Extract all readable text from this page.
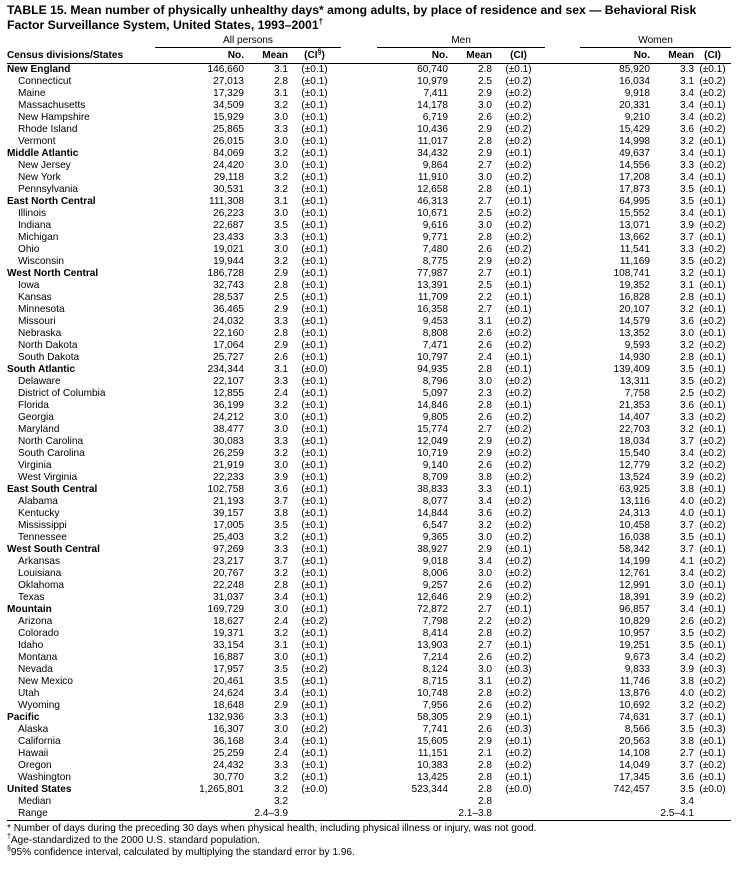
TABLE 15. Mean number of physically unhealthy days* among adults, by place of residence and sex — Behavioral Risk Factor Surveillance System, United States, 1993–2001†

	All persons				Men				Women		

Census divisions/States	No.	Mean	(CI§)		No.	Mean	(CI)		No.	Mean	(CI)
New England	146,660	3.1	(±0.1)		60,740	2.8	(±0.1)		85,920	3.3	(±0.1)
Connecticut	27,013	2.8	(±0.1)		10,979	2.5	(±0.2)		16,034	3.1	(±0.2)
Maine	17,329	3.1	(±0.1)		7,411	2.9	(±0.2)		9,918	3.4	(±0.2)
Massachusetts	34,509	3.2	(±0.1)		14,178	3.0	(±0.2)		20,331	3.4	(±0.1)
New Hampshire	15,929	3.0	(±0.1)		6,719	2.6	(±0.2)		9,210	3.4	(±0.2)
Rhode Island	25,865	3.3	(±0.1)		10,436	2.9	(±0.2)		15,429	3.6	(±0.2)
Vermont	26,015	3.0	(±0.1)		11,017	2.8	(±0.2)		14,998	3.2	(±0.1)
Middle Atlantic	84,069	3.2	(±0.1)		34,432	2.9	(±0.1)		49,637	3.4	(±0.1)
New Jersey	24,420	3.0	(±0.1)		9,864	2.7	(±0.2)		14,556	3.3	(±0.2)
New York	29,118	3.2	(±0.1)		11,910	3.0	(±0.2)		17,208	3.4	(±0.1)
Pennsylvania	30,531	3.2	(±0.1)		12,658	2.8	(±0.1)		17,873	3.5	(±0.1)
East North Central	111,308	3.1	(±0.1)		46,313	2.7	(±0.1)		64,995	3.5	(±0.1)
Illinois	26,223	3.0	(±0.1)		10,671	2.5	(±0.2)		15,552	3.4	(±0.1)
Indiana	22,687	3.5	(±0.1)		9,616	3.0	(±0.2)		13,071	3.9	(±0.2)
Michigan	23,433	3.3	(±0.1)		9,771	2.8	(±0.2)		13,662	3.7	(±0.1)
Ohio	19,021	3.0	(±0.1)		7,480	2.6	(±0.2)		11,541	3.3	(±0.2)
Wisconsin	19,944	3.2	(±0.1)		8,775	2.9	(±0.2)		11,169	3.5	(±0.2)
West North Central	186,728	2.9	(±0.1)		77,987	2.7	(±0.1)		108,741	3.2	(±0.1)
Iowa	32,743	2.8	(±0.1)		13,391	2.5	(±0.1)		19,352	3.1	(±0.1)
Kansas	28,537	2.5	(±0.1)		11,709	2.2	(±0.1)		16,828	2.8	(±0.1)
Minnesota	36,465	2.9	(±0.1)		16,358	2.7	(±0.1)		20,107	3.2	(±0.1)
Missouri	24,032	3.3	(±0.1)		9,453	3.1	(±0.2)		14,579	3.6	(±0.2)
Nebraska	22,160	2.8	(±0.1)		8,808	2.6	(±0.2)		13,352	3.0	(±0.1)
North Dakota	17,064	2.9	(±0.1)		7,471	2.6	(±0.2)		9,593	3.2	(±0.2)
South Dakota	25,727	2.6	(±0.1)		10,797	2.4	(±0.1)		14,930	2.8	(±0.1)
South Atlantic	234,344	3.1	(±0.0)		94,935	2.8	(±0.1)		139,409	3.5	(±0.1)
Delaware	22,107	3.3	(±0.1)		8,796	3.0	(±0.2)		13,311	3.5	(±0.2)
District of Columbia	12,855	2.4	(±0.1)		5,097	2.3	(±0.2)		7,758	2.5	(±0.2)
Florida	36,199	3.2	(±0.1)		14,846	2.8	(±0.1)		21,353	3.6	(±0.1)
Georgia	24,212	3.0	(±0.1)		9,805	2.6	(±0.2)		14,407	3.3	(±0.2)
Maryland	38,477	3.0	(±0.1)		15,774	2.7	(±0.2)		22,703	3.2	(±0.1)
North Carolina	30,083	3.3	(±0.1)		12,049	2.9	(±0.2)		18,034	3.7	(±0.2)
South Carolina	26,259	3.2	(±0.1)		10,719	2.9	(±0.2)		15,540	3.4	(±0.2)
Virginia	21,919	3.0	(±0.1)		9,140	2.6	(±0.2)		12,779	3.2	(±0.2)
West Virginia	22,233	3.9	(±0.1)		8,709	3.8	(±0.2)		13,524	3.9	(±0.2)
East South Central	102,758	3.6	(±0.1)		38,833	3.3	(±0.1)		63,925	3.8	(±0.1)
Alabama	21,193	3.7	(±0.1)		8,077	3.4	(±0.2)		13,116	4.0	(±0.2)
Kentucky	39,157	3.8	(±0.1)		14,844	3.6	(±0.2)		24,313	4.0	(±0.1)
Mississippi	17,005	3.5	(±0.1)		6,547	3.2	(±0.2)		10,458	3.7	(±0.2)
Tennessee	25,403	3.2	(±0.1)		9,365	3.0	(±0.2)		16,038	3.5	(±0.1)
West South Central	97,269	3.3	(±0.1)		38,927	2.9	(±0.1)		58,342	3.7	(±0.1)
Arkansas	23,217	3.7	(±0.1)		9,018	3.4	(±0.2)		14,199	4.1	(±0.2)
Louisiana	20,767	3.2	(±0.1)		8,006	3.0	(±0.2)		12,761	3.4	(±0.2)
Oklahoma	22,248	2.8	(±0.1)		9,257	2.6	(±0.2)		12,991	3.0	(±0.1)
Texas	31,037	3.4	(±0.1)		12,646	2.9	(±0.2)		18,391	3.9	(±0.2)
Mountain	169,729	3.0	(±0.1)		72,872	2.7	(±0.1)		96,857	3.4	(±0.1)
Arizona	18,627	2.4	(±0.2)		7,798	2.2	(±0.2)		10,829	2.6	(±0.2)
Colorado	19,371	3.2	(±0.1)		8,414	2.8	(±0.2)		10,957	3.5	(±0.2)
Idaho	33,154	3.1	(±0.1)		13,903	2.7	(±0.1)		19,251	3.5	(±0.1)
Montana	16,887	3.0	(±0.1)		7,214	2.6	(±0.2)		9,673	3.4	(±0.2)
Nevada	17,957	3.5	(±0.2)		8,124	3.0	(±0.3)		9,833	3.9	(±0.3)
New Mexico	20,461	3.5	(±0.1)		8,715	3.1	(±0.2)		11,746	3.8	(±0.2)
Utah	24,624	3.4	(±0.1)		10,748	2.8	(±0.2)		13,876	4.0	(±0.2)
Wyoming	18,648	2.9	(±0.1)		7,956	2.6	(±0.2)		10,692	3.2	(±0.2)
Pacific	132,936	3.3	(±0.1)		58,305	2.9	(±0.1)		74,631	3.7	(±0.1)
Alaska	16,307	3.0	(±0.2)		7,741	2.6	(±0.3)		8,566	3.5	(±0.3)
California	36,168	3.4	(±0.1)		15,605	2.9	(±0.1)		20,563	3.8	(±0.1)
Hawaii	25,259	2.4	(±0.1)		11,151	2.1	(±0.2)		14,108	2.7	(±0.1)
Oregon	24,432	3.3	(±0.1)		10,383	2.8	(±0.2)		14,049	3.7	(±0.2)
Washington	30,770	3.2	(±0.1)		13,425	2.8	(±0.1)		17,345	3.6	(±0.1)
United States	1,265,801	3.2	(±0.0)		523,344	2.8	(±0.0)		742,457	3.5	(±0.0)
Median		3.2				2.8				3.4	
Range		2.4–3.9				2.1–3.8				2.5–4.1	
* Number of days during the preceding 30 days when physical health, including physical illness or injury, was not good.
†Age-standardized to the 2000 U.S. standard population.
§95% confidence interval, calculated by multiplying the standard error by 1.96.
